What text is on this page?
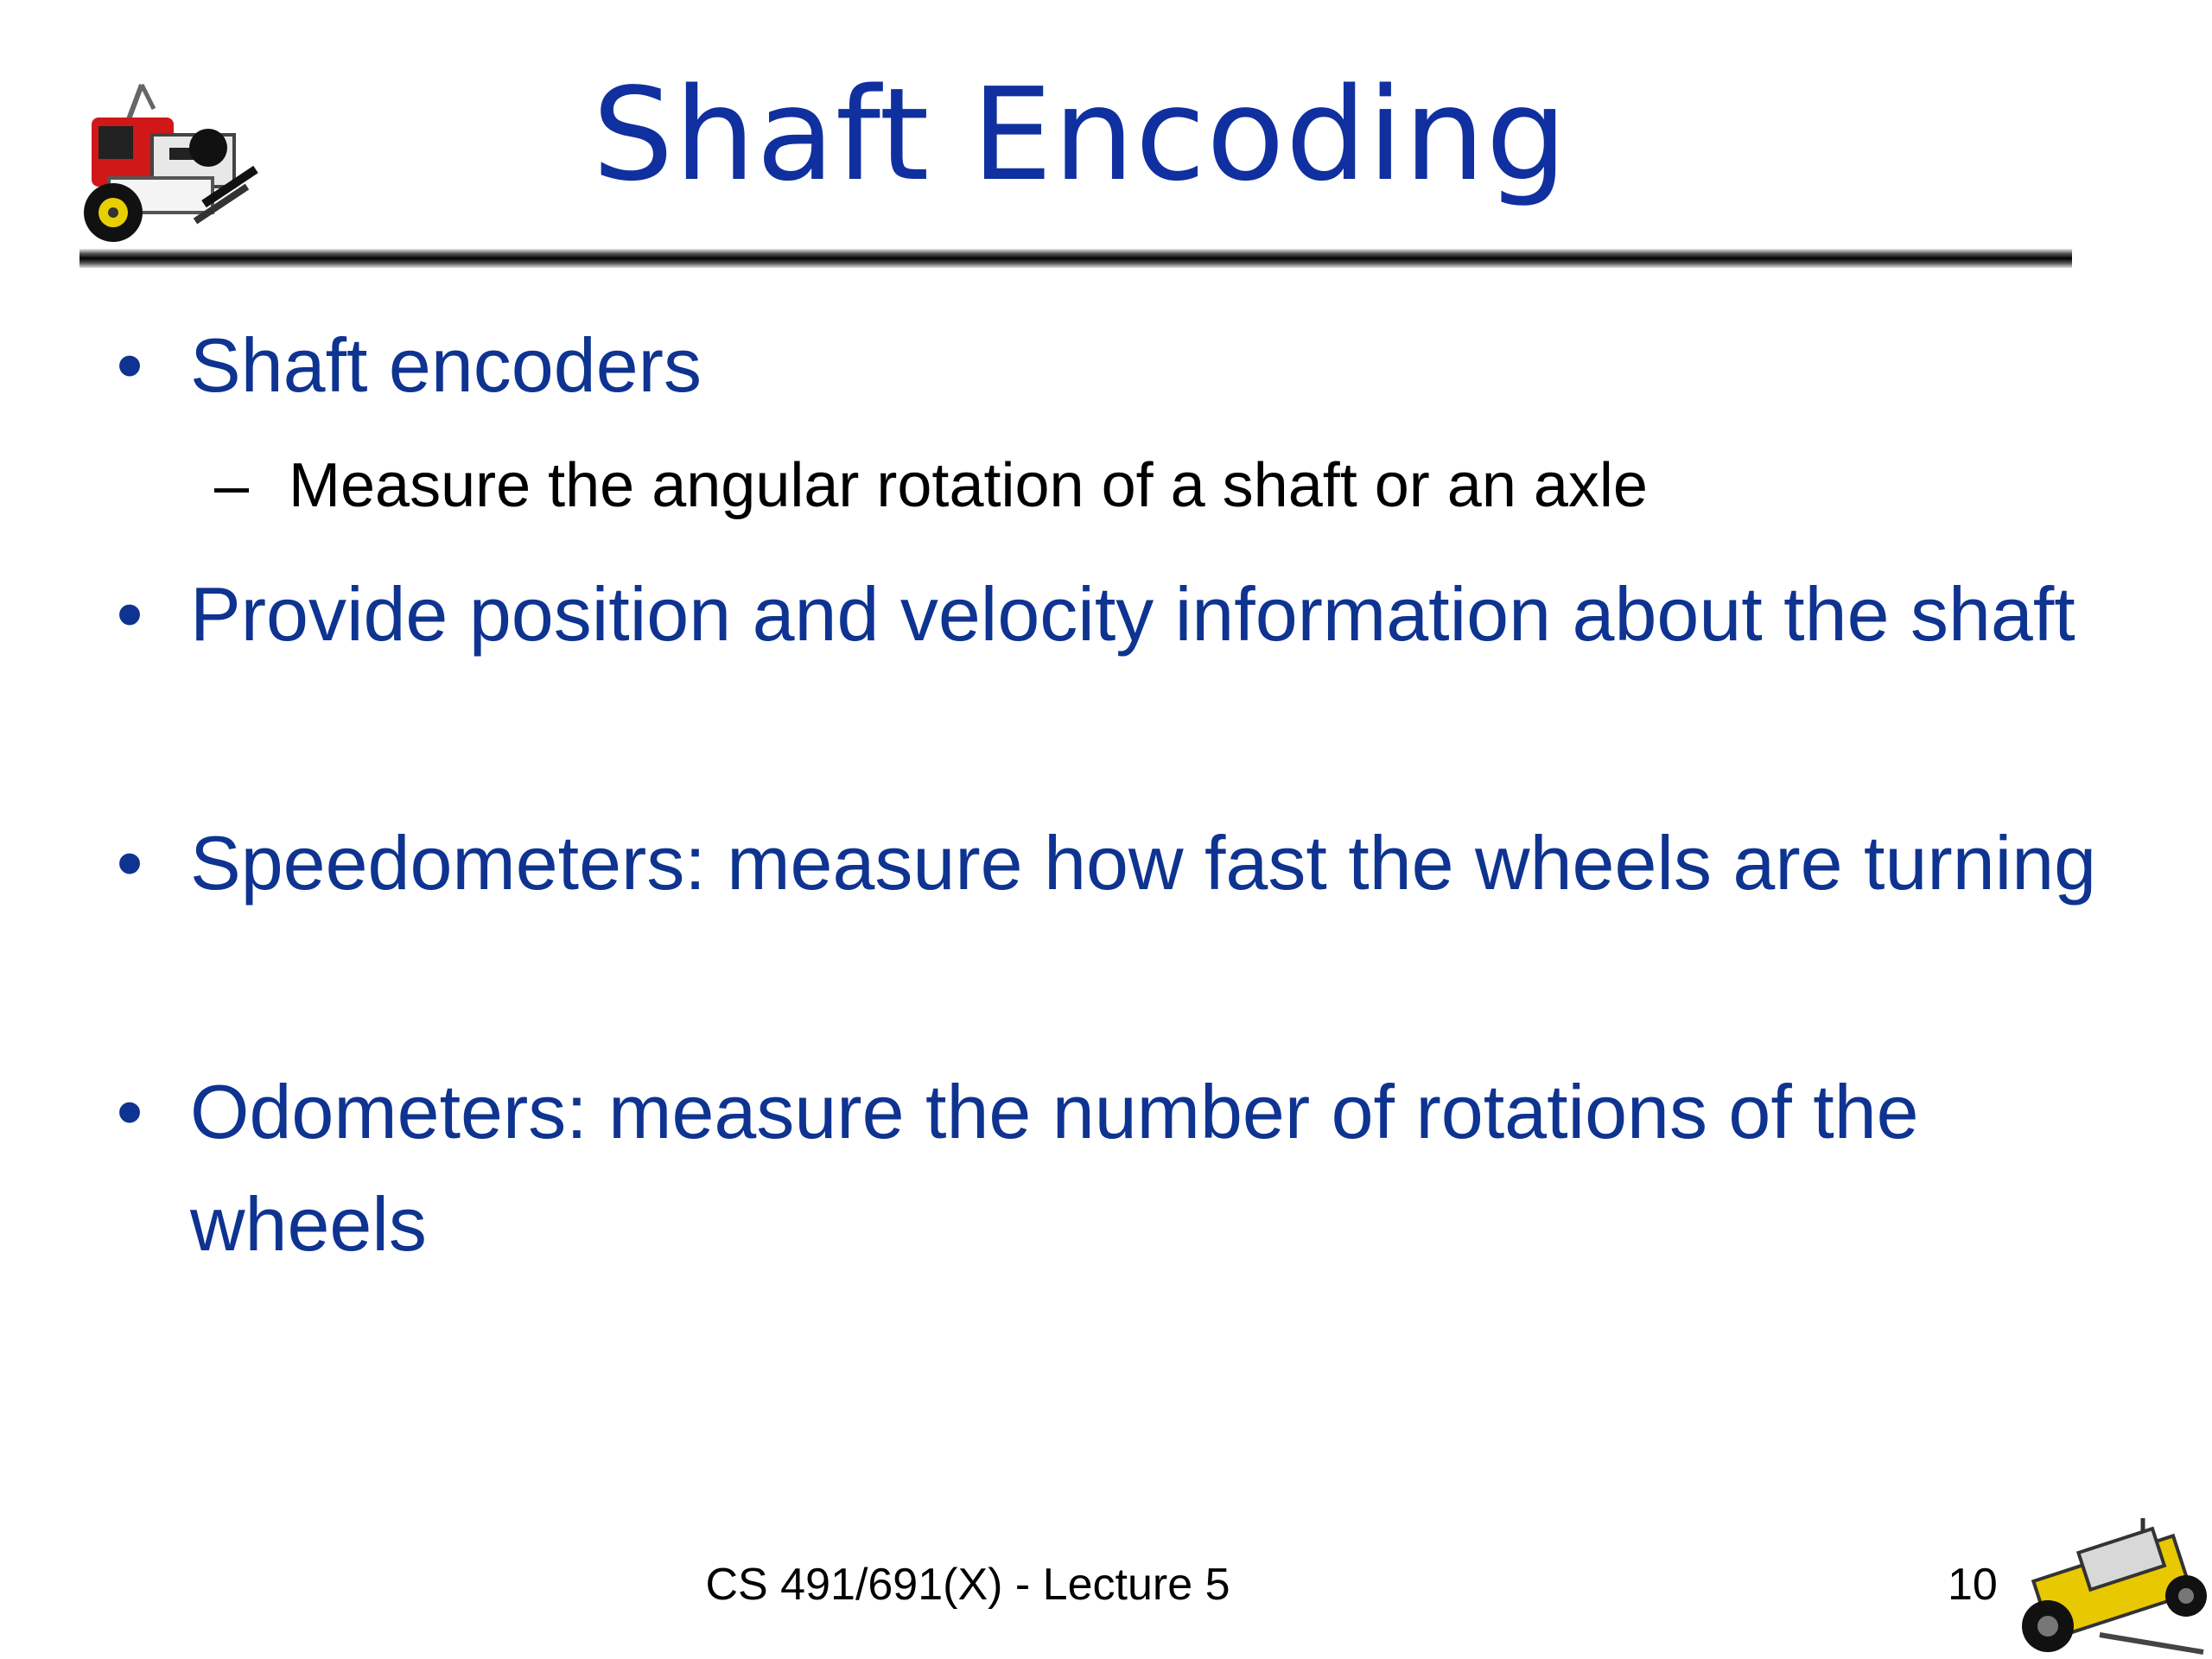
Shaft Encoding
• Shaft encoders
– Measure the angular rotation of a shaft or an axle
• Provide position and velocity information about the shaft
• Speedometers: measure how fast the wheels are turning
• Odometers: measure the number of rotations of the wheels
CS 491/691(X) - Lecture 5	10
